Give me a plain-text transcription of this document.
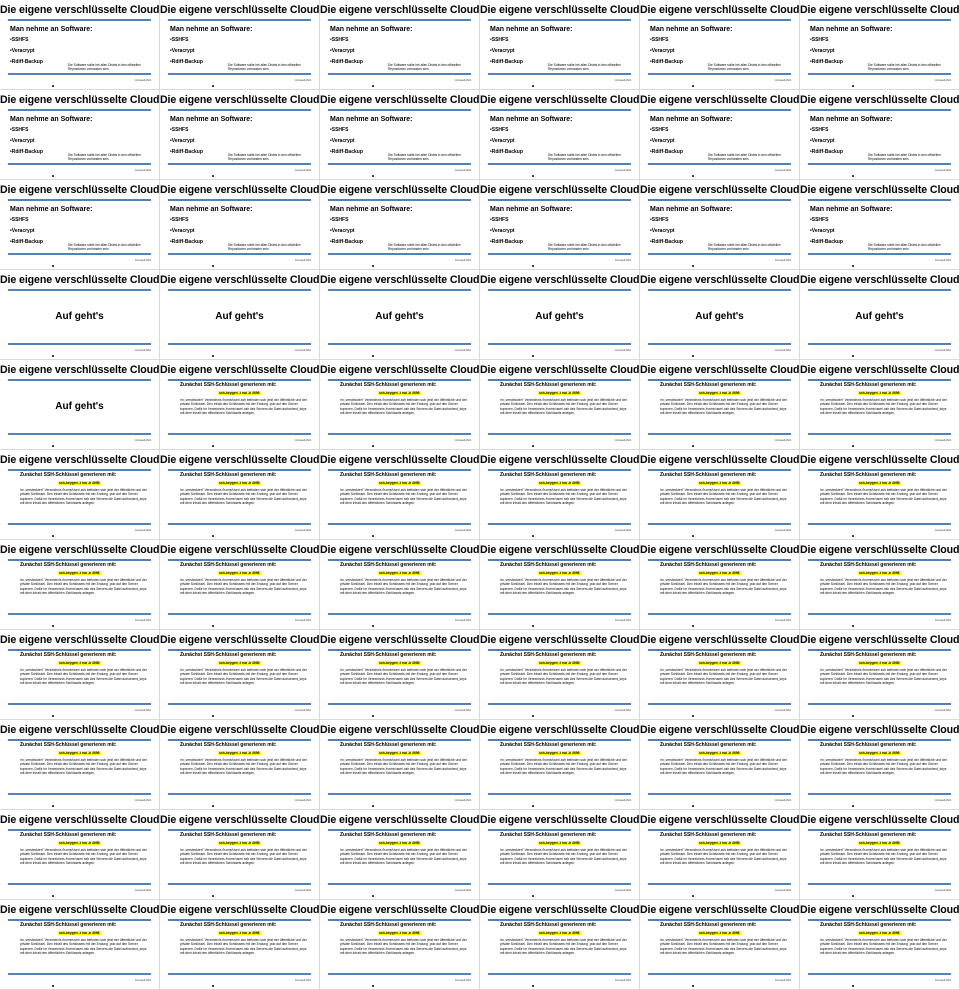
Die eigene verschlüsselte Cloud
Man nehme an Software:
• SSHFS
• Veracrypt
• Rdiff-Backup	Die Software sollte bei allen Distris in den offiziellen Repositorien vorhanden sein.
Linuxwelt 2021
Die eigene verschlüsselte Cloud
Man nehme an Software:
• SSHFS
• Veracrypt
• Rdiff-Backup	Die Software sollte bei allen Distris in den offiziellen Repositorien vorhanden sein.
Linuxwelt 2021
Die eigene verschlüsselte Cloud
Man nehme an Software:
• SSHFS
• Veracrypt
• Rdiff-Backup	Die Software sollte bei allen Distris in den offiziellen Repositorien vorhanden sein.
Linuxwelt 2021
Die eigene verschlüsselte Cloud
Man nehme an Software:
• SSHFS
• Veracrypt
• Rdiff-Backup	Die Software sollte bei allen Distris in den offiziellen Repositorien vorhanden sein.
Linuxwelt 2021
Die eigene verschlüsselte Cloud
Man nehme an Software:
• SSHFS
• Veracrypt
• Rdiff-Backup	Die Software sollte bei allen Distris in den offiziellen Repositorien vorhanden sein.
Linuxwelt 2021
Die eigene verschlüsselte Cloud
Man nehme an Software:
• SSHFS
• Veracrypt
• Rdiff-Backup	Die Software sollte bei allen Distris in den offiziellen Repositorien vorhanden sein.
Linuxwelt 2021
Die eigene verschlüsselte Cloud
Man nehme an Software:
• SSHFS
• Veracrypt
• Rdiff-Backup	Die Software sollte bei allen Distris in den offiziellen Repositorien vorhanden sein.
Linuxwelt 2021
Die eigene verschlüsselte Cloud
Man nehme an Software:
• SSHFS
• Veracrypt
• Rdiff-Backup	Die Software sollte bei allen Distris in den offiziellen Repositorien vorhanden sein.
Linuxwelt 2021
Die eigene verschlüsselte Cloud
Man nehme an Software:
• SSHFS
• Veracrypt
• Rdiff-Backup	Die Software sollte bei allen Distris in den offiziellen Repositorien vorhanden sein.
Linuxwelt 2021
Die eigene verschlüsselte Cloud
Man nehme an Software:
• SSHFS
• Veracrypt
• Rdiff-Backup	Die Software sollte bei allen Distris in den offiziellen Repositorien vorhanden sein.
Linuxwelt 2021
Die eigene verschlüsselte Cloud
Man nehme an Software:
• SSHFS
• Veracrypt
• Rdiff-Backup	Die Software sollte bei allen Distris in den offiziellen Repositorien vorhanden sein.
Linuxwelt 2021
Die eigene verschlüsselte Cloud
Man nehme an Software:
• SSHFS
• Veracrypt
• Rdiff-Backup	Die Software sollte bei allen Distris in den offiziellen Repositorien vorhanden sein.
Linuxwelt 2021
Die eigene verschlüsselte Cloud
Man nehme an Software:
• SSHFS
• Veracrypt
• Rdiff-Backup	Die Software sollte bei allen Distris in den offiziellen Repositorien vorhanden sein.
Linuxwelt 2021
Die eigene verschlüsselte Cloud
Man nehme an Software:
• SSHFS
• Veracrypt
• Rdiff-Backup	Die Software sollte bei allen Distris in den offiziellen Repositorien vorhanden sein.
Linuxwelt 2021
Die eigene verschlüsselte Cloud
Man nehme an Software:
• SSHFS
• Veracrypt
• Rdiff-Backup	Die Software sollte bei allen Distris in den offiziellen Repositorien vorhanden sein.
Linuxwelt 2021
Die eigene verschlüsselte Cloud
Man nehme an Software:
• SSHFS
• Veracrypt
• Rdiff-Backup	Die Software sollte bei allen Distris in den offiziellen Repositorien vorhanden sein.
Linuxwelt 2021
Die eigene verschlüsselte Cloud
Man nehme an Software:
• SSHFS
• Veracrypt
• Rdiff-Backup	Die Software sollte bei allen Distris in den offiziellen Repositorien vorhanden sein.
Linuxwelt 2021
Die eigene verschlüsselte Cloud
Man nehme an Software:
• SSHFS
• Veracrypt
• Rdiff-Backup	Die Software sollte bei allen Distris in den offiziellen Repositorien vorhanden sein.
Linuxwelt 2021
Die eigene verschlüsselte Cloud
Auf geht's
Linuxwelt 2021
Die eigene verschlüsselte Cloud
Auf geht's
Linuxwelt 2021
Die eigene verschlüsselte Cloud
Auf geht's
Linuxwelt 2021
Die eigene verschlüsselte Cloud
Auf geht's
Linuxwelt 2021
Die eigene verschlüsselte Cloud
Auf geht's
Linuxwelt 2021
Die eigene verschlüsselte Cloud
Auf geht's
Linuxwelt 2021
Die eigene verschlüsselte Cloud
Auf geht's
Linuxwelt 2021
Die eigene verschlüsselte Cloud
Zunächst SSH-Schlüssel generieren mit:
ssh-keygen -t rsa -b 4096
Im „versteckten" Verzeichnis /home/user/.ssh befinden sich jetzt der öffentliche und der private Schlüssel. Den Inhalt des Schlüssels mit der Endung .pub auf den Server kopieren. Dafür im Verzeichnis /home/user/.ssh des Servers die Datei authorized_keys mit dem Inhalt des öffentlichen Schlüssels anlegen.
Linuxwelt 2021
Die eigene verschlüsselte Cloud
Zunächst SSH-Schlüssel generieren mit:
ssh-keygen -t rsa -b 4096
Im „versteckten" Verzeichnis /home/user/.ssh befinden sich jetzt der öffentliche und der private Schlüssel. Den Inhalt des Schlüssels mit der Endung .pub auf den Server kopieren. Dafür im Verzeichnis /home/user/.ssh des Servers die Datei authorized_keys mit dem Inhalt des öffentlichen Schlüssels anlegen.
Linuxwelt 2021
Die eigene verschlüsselte Cloud
Zunächst SSH-Schlüssel generieren mit:
ssh-keygen -t rsa -b 4096
Im „versteckten" Verzeichnis /home/user/.ssh befinden sich jetzt der öffentliche und der private Schlüssel. Den Inhalt des Schlüssels mit der Endung .pub auf den Server kopieren. Dafür im Verzeichnis /home/user/.ssh des Servers die Datei authorized_keys mit dem Inhalt des öffentlichen Schlüssels anlegen.
Linuxwelt 2021
Die eigene verschlüsselte Cloud
Zunächst SSH-Schlüssel generieren mit:
ssh-keygen -t rsa -b 4096
Im „versteckten" Verzeichnis /home/user/.ssh befinden sich jetzt der öffentliche und der private Schlüssel. Den Inhalt des Schlüssels mit der Endung .pub auf den Server kopieren. Dafür im Verzeichnis /home/user/.ssh des Servers die Datei authorized_keys mit dem Inhalt des öffentlichen Schlüssels anlegen.
Linuxwelt 2021
Die eigene verschlüsselte Cloud
Zunächst SSH-Schlüssel generieren mit:
ssh-keygen -t rsa -b 4096
Im „versteckten" Verzeichnis /home/user/.ssh befinden sich jetzt der öffentliche und der private Schlüssel. Den Inhalt des Schlüssels mit der Endung .pub auf den Server kopieren. Dafür im Verzeichnis /home/user/.ssh des Servers die Datei authorized_keys mit dem Inhalt des öffentlichen Schlüssels anlegen.
Linuxwelt 2021
Die eigene verschlüsselte Cloud
Zunächst SSH-Schlüssel generieren mit:
ssh-keygen -t rsa -b 4096
Im „versteckten" Verzeichnis /home/user/.ssh befinden sich jetzt der öffentliche und der private Schlüssel. Den Inhalt des Schlüssels mit der Endung .pub auf den Server kopieren. Dafür im Verzeichnis /home/user/.ssh des Servers die Datei authorized_keys mit dem Inhalt des öffentlichen Schlüssels anlegen.
Linuxwelt 2021
Die eigene verschlüsselte Cloud
Zunächst SSH-Schlüssel generieren mit:
ssh-keygen -t rsa -b 4096
Im „versteckten" Verzeichnis /home/user/.ssh befinden sich jetzt der öffentliche und der private Schlüssel. Den Inhalt des Schlüssels mit der Endung .pub auf den Server kopieren. Dafür im Verzeichnis /home/user/.ssh des Servers die Datei authorized_keys mit dem Inhalt des öffentlichen Schlüssels anlegen.
Linuxwelt 2021
Die eigene verschlüsselte Cloud
Zunächst SSH-Schlüssel generieren mit:
ssh-keygen -t rsa -b 4096
Im „versteckten" Verzeichnis /home/user/.ssh befinden sich jetzt der öffentliche und der private Schlüssel. Den Inhalt des Schlüssels mit der Endung .pub auf den Server kopieren. Dafür im Verzeichnis /home/user/.ssh des Servers die Datei authorized_keys mit dem Inhalt des öffentlichen Schlüssels anlegen.
Linuxwelt 2021
Die eigene verschlüsselte Cloud
Zunächst SSH-Schlüssel generieren mit:
ssh-keygen -t rsa -b 4096
Im „versteckten" Verzeichnis /home/user/.ssh befinden sich jetzt der öffentliche und der private Schlüssel. Den Inhalt des Schlüssels mit der Endung .pub auf den Server kopieren. Dafür im Verzeichnis /home/user/.ssh des Servers die Datei authorized_keys mit dem Inhalt des öffentlichen Schlüssels anlegen.
Linuxwelt 2021
Die eigene verschlüsselte Cloud
Zunächst SSH-Schlüssel generieren mit:
ssh-keygen -t rsa -b 4096
Im „versteckten" Verzeichnis /home/user/.ssh befinden sich jetzt der öffentliche und der private Schlüssel. Den Inhalt des Schlüssels mit der Endung .pub auf den Server kopieren. Dafür im Verzeichnis /home/user/.ssh des Servers die Datei authorized_keys mit dem Inhalt des öffentlichen Schlüssels anlegen.
Linuxwelt 2021
Die eigene verschlüsselte Cloud
Zunächst SSH-Schlüssel generieren mit:
ssh-keygen -t rsa -b 4096
Im „versteckten" Verzeichnis /home/user/.ssh befinden sich jetzt der öffentliche und der private Schlüssel. Den Inhalt des Schlüssels mit der Endung .pub auf den Server kopieren. Dafür im Verzeichnis /home/user/.ssh des Servers die Datei authorized_keys mit dem Inhalt des öffentlichen Schlüssels anlegen.
Linuxwelt 2021
Die eigene verschlüsselte Cloud
Zunächst SSH-Schlüssel generieren mit:
ssh-keygen -t rsa -b 4096
Im „versteckten" Verzeichnis /home/user/.ssh befinden sich jetzt der öffentliche und der private Schlüssel. Den Inhalt des Schlüssels mit der Endung .pub auf den Server kopieren. Dafür im Verzeichnis /home/user/.ssh des Servers die Datei authorized_keys mit dem Inhalt des öffentlichen Schlüssels anlegen.
Linuxwelt 2021
Die eigene verschlüsselte Cloud
Zunächst SSH-Schlüssel generieren mit:
ssh-keygen -t rsa -b 4096
Im „versteckten" Verzeichnis /home/user/.ssh befinden sich jetzt der öffentliche und der private Schlüssel. Den Inhalt des Schlüssels mit der Endung .pub auf den Server kopieren. Dafür im Verzeichnis /home/user/.ssh des Servers die Datei authorized_keys mit dem Inhalt des öffentlichen Schlüssels anlegen.
Linuxwelt 2021
Die eigene verschlüsselte Cloud
Zunächst SSH-Schlüssel generieren mit:
ssh-keygen -t rsa -b 4096
Im „versteckten" Verzeichnis /home/user/.ssh befinden sich jetzt der öffentliche und der private Schlüssel. Den Inhalt des Schlüssels mit der Endung .pub auf den Server kopieren. Dafür im Verzeichnis /home/user/.ssh des Servers die Datei authorized_keys mit dem Inhalt des öffentlichen Schlüssels anlegen.
Linuxwelt 2021
Die eigene verschlüsselte Cloud
Zunächst SSH-Schlüssel generieren mit:
ssh-keygen -t rsa -b 4096
Im „versteckten" Verzeichnis /home/user/.ssh befinden sich jetzt der öffentliche und der private Schlüssel. Den Inhalt des Schlüssels mit der Endung .pub auf den Server kopieren. Dafür im Verzeichnis /home/user/.ssh des Servers die Datei authorized_keys mit dem Inhalt des öffentlichen Schlüssels anlegen.
Linuxwelt 2021
Die eigene verschlüsselte Cloud
Zunächst SSH-Schlüssel generieren mit:
ssh-keygen -t rsa -b 4096
Im „versteckten" Verzeichnis /home/user/.ssh befinden sich jetzt der öffentliche und der private Schlüssel. Den Inhalt des Schlüssels mit der Endung .pub auf den Server kopieren. Dafür im Verzeichnis /home/user/.ssh des Servers die Datei authorized_keys mit dem Inhalt des öffentlichen Schlüssels anlegen.
Linuxwelt 2021
Die eigene verschlüsselte Cloud
Zunächst SSH-Schlüssel generieren mit:
ssh-keygen -t rsa -b 4096
Im „versteckten" Verzeichnis /home/user/.ssh befinden sich jetzt der öffentliche und der private Schlüssel. Den Inhalt des Schlüssels mit der Endung .pub auf den Server kopieren. Dafür im Verzeichnis /home/user/.ssh des Servers die Datei authorized_keys mit dem Inhalt des öffentlichen Schlüssels anlegen.
Linuxwelt 2021
Die eigene verschlüsselte Cloud
Zunächst SSH-Schlüssel generieren mit:
ssh-keygen -t rsa -b 4096
Im „versteckten" Verzeichnis /home/user/.ssh befinden sich jetzt der öffentliche und der private Schlüssel. Den Inhalt des Schlüssels mit der Endung .pub auf den Server kopieren. Dafür im Verzeichnis /home/user/.ssh des Servers die Datei authorized_keys mit dem Inhalt des öffentlichen Schlüssels anlegen.
Linuxwelt 2021
Die eigene verschlüsselte Cloud
Zunächst SSH-Schlüssel generieren mit:
ssh-keygen -t rsa -b 4096
Im „versteckten" Verzeichnis /home/user/.ssh befinden sich jetzt der öffentliche und der private Schlüssel. Den Inhalt des Schlüssels mit der Endung .pub auf den Server kopieren. Dafür im Verzeichnis /home/user/.ssh des Servers die Datei authorized_keys mit dem Inhalt des öffentlichen Schlüssels anlegen.
Linuxwelt 2021
Die eigene verschlüsselte Cloud
Zunächst SSH-Schlüssel generieren mit:
ssh-keygen -t rsa -b 4096
Im „versteckten" Verzeichnis /home/user/.ssh befinden sich jetzt der öffentliche und der private Schlüssel. Den Inhalt des Schlüssels mit der Endung .pub auf den Server kopieren. Dafür im Verzeichnis /home/user/.ssh des Servers die Datei authorized_keys mit dem Inhalt des öffentlichen Schlüssels anlegen.
Linuxwelt 2021
Die eigene verschlüsselte Cloud
Zunächst SSH-Schlüssel generieren mit:
ssh-keygen -t rsa -b 4096
Im „versteckten" Verzeichnis /home/user/.ssh befinden sich jetzt der öffentliche und der private Schlüssel. Den Inhalt des Schlüssels mit der Endung .pub auf den Server kopieren. Dafür im Verzeichnis /home/user/.ssh des Servers die Datei authorized_keys mit dem Inhalt des öffentlichen Schlüssels anlegen.
Linuxwelt 2021
Die eigene verschlüsselte Cloud
Zunächst SSH-Schlüssel generieren mit:
ssh-keygen -t rsa -b 4096
Im „versteckten" Verzeichnis /home/user/.ssh befinden sich jetzt der öffentliche und der private Schlüssel. Den Inhalt des Schlüssels mit der Endung .pub auf den Server kopieren. Dafür im Verzeichnis /home/user/.ssh des Servers die Datei authorized_keys mit dem Inhalt des öffentlichen Schlüssels anlegen.
Linuxwelt 2021
Die eigene verschlüsselte Cloud
Zunächst SSH-Schlüssel generieren mit:
ssh-keygen -t rsa -b 4096
Im „versteckten" Verzeichnis /home/user/.ssh befinden sich jetzt der öffentliche und der private Schlüssel. Den Inhalt des Schlüssels mit der Endung .pub auf den Server kopieren. Dafür im Verzeichnis /home/user/.ssh des Servers die Datei authorized_keys mit dem Inhalt des öffentlichen Schlüssels anlegen.
Linuxwelt 2021
Die eigene verschlüsselte Cloud
Zunächst SSH-Schlüssel generieren mit:
ssh-keygen -t rsa -b 4096
Im „versteckten" Verzeichnis /home/user/.ssh befinden sich jetzt der öffentliche und der private Schlüssel. Den Inhalt des Schlüssels mit der Endung .pub auf den Server kopieren. Dafür im Verzeichnis /home/user/.ssh des Servers die Datei authorized_keys mit dem Inhalt des öffentlichen Schlüssels anlegen.
Linuxwelt 2021
Die eigene verschlüsselte Cloud
Zunächst SSH-Schlüssel generieren mit:
ssh-keygen -t rsa -b 4096
Im „versteckten" Verzeichnis /home/user/.ssh befinden sich jetzt der öffentliche und der private Schlüssel. Den Inhalt des Schlüssels mit der Endung .pub auf den Server kopieren. Dafür im Verzeichnis /home/user/.ssh des Servers die Datei authorized_keys mit dem Inhalt des öffentlichen Schlüssels anlegen.
Linuxwelt 2021
Die eigene verschlüsselte Cloud
Zunächst SSH-Schlüssel generieren mit:
ssh-keygen -t rsa -b 4096
Im „versteckten" Verzeichnis /home/user/.ssh befinden sich jetzt der öffentliche und der private Schlüssel. Den Inhalt des Schlüssels mit der Endung .pub auf den Server kopieren. Dafür im Verzeichnis /home/user/.ssh des Servers die Datei authorized_keys mit dem Inhalt des öffentlichen Schlüssels anlegen.
Linuxwelt 2021
Die eigene verschlüsselte Cloud
Zunächst SSH-Schlüssel generieren mit:
ssh-keygen -t rsa -b 4096
Im „versteckten" Verzeichnis /home/user/.ssh befinden sich jetzt der öffentliche und der private Schlüssel. Den Inhalt des Schlüssels mit der Endung .pub auf den Server kopieren. Dafür im Verzeichnis /home/user/.ssh des Servers die Datei authorized_keys mit dem Inhalt des öffentlichen Schlüssels anlegen.
Linuxwelt 2021
Die eigene verschlüsselte Cloud
Zunächst SSH-Schlüssel generieren mit:
ssh-keygen -t rsa -b 4096
Im „versteckten" Verzeichnis /home/user/.ssh befinden sich jetzt der öffentliche und der private Schlüssel. Den Inhalt des Schlüssels mit der Endung .pub auf den Server kopieren. Dafür im Verzeichnis /home/user/.ssh des Servers die Datei authorized_keys mit dem Inhalt des öffentlichen Schlüssels anlegen.
Linuxwelt 2021
Die eigene verschlüsselte Cloud
Zunächst SSH-Schlüssel generieren mit:
ssh-keygen -t rsa -b 4096
Im „versteckten" Verzeichnis /home/user/.ssh befinden sich jetzt der öffentliche und der private Schlüssel. Den Inhalt des Schlüssels mit der Endung .pub auf den Server kopieren. Dafür im Verzeichnis /home/user/.ssh des Servers die Datei authorized_keys mit dem Inhalt des öffentlichen Schlüssels anlegen.
Linuxwelt 2021
Die eigene verschlüsselte Cloud
Zunächst SSH-Schlüssel generieren mit:
ssh-keygen -t rsa -b 4096
Im „versteckten" Verzeichnis /home/user/.ssh befinden sich jetzt der öffentliche und der private Schlüssel. Den Inhalt des Schlüssels mit der Endung .pub auf den Server kopieren. Dafür im Verzeichnis /home/user/.ssh des Servers die Datei authorized_keys mit dem Inhalt des öffentlichen Schlüssels anlegen.
Linuxwelt 2021
Die eigene verschlüsselte Cloud
Zunächst SSH-Schlüssel generieren mit:
ssh-keygen -t rsa -b 4096
Im „versteckten" Verzeichnis /home/user/.ssh befinden sich jetzt der öffentliche und der private Schlüssel. Den Inhalt des Schlüssels mit der Endung .pub auf den Server kopieren. Dafür im Verzeichnis /home/user/.ssh des Servers die Datei authorized_keys mit dem Inhalt des öffentlichen Schlüssels anlegen.
Linuxwelt 2021
Die eigene verschlüsselte Cloud
Zunächst SSH-Schlüssel generieren mit:
ssh-keygen -t rsa -b 4096
Im „versteckten" Verzeichnis /home/user/.ssh befinden sich jetzt der öffentliche und der private Schlüssel. Den Inhalt des Schlüssels mit der Endung .pub auf den Server kopieren. Dafür im Verzeichnis /home/user/.ssh des Servers die Datei authorized_keys mit dem Inhalt des öffentlichen Schlüssels anlegen.
Linuxwelt 2021
Die eigene verschlüsselte Cloud
Zunächst SSH-Schlüssel generieren mit:
ssh-keygen -t rsa -b 4096
Im „versteckten" Verzeichnis /home/user/.ssh befinden sich jetzt der öffentliche und der private Schlüssel. Den Inhalt des Schlüssels mit der Endung .pub auf den Server kopieren. Dafür im Verzeichnis /home/user/.ssh des Servers die Datei authorized_keys mit dem Inhalt des öffentlichen Schlüssels anlegen.
Linuxwelt 2021
Die eigene verschlüsselte Cloud
Zunächst SSH-Schlüssel generieren mit:
ssh-keygen -t rsa -b 4096
Im „versteckten" Verzeichnis /home/user/.ssh befinden sich jetzt der öffentliche und der private Schlüssel. Den Inhalt des Schlüssels mit der Endung .pub auf den Server kopieren. Dafür im Verzeichnis /home/user/.ssh des Servers die Datei authorized_keys mit dem Inhalt des öffentlichen Schlüssels anlegen.
Linuxwelt 2021
Die eigene verschlüsselte Cloud
Zunächst SSH-Schlüssel generieren mit:
ssh-keygen -t rsa -b 4096
Im „versteckten" Verzeichnis /home/user/.ssh befinden sich jetzt der öffentliche und der private Schlüssel. Den Inhalt des Schlüssels mit der Endung .pub auf den Server kopieren. Dafür im Verzeichnis /home/user/.ssh des Servers die Datei authorized_keys mit dem Inhalt des öffentlichen Schlüssels anlegen.
Linuxwelt 2021
Die eigene verschlüsselte Cloud
Zunächst SSH-Schlüssel generieren mit:
ssh-keygen -t rsa -b 4096
Im „versteckten" Verzeichnis /home/user/.ssh befinden sich jetzt der öffentliche und der private Schlüssel. Den Inhalt des Schlüssels mit der Endung .pub auf den Server kopieren. Dafür im Verzeichnis /home/user/.ssh des Servers die Datei authorized_keys mit dem Inhalt des öffentlichen Schlüssels anlegen.
Linuxwelt 2021
Die eigene verschlüsselte Cloud
Zunächst SSH-Schlüssel generieren mit:
ssh-keygen -t rsa -b 4096
Im „versteckten" Verzeichnis /home/user/.ssh befinden sich jetzt der öffentliche und der private Schlüssel. Den Inhalt des Schlüssels mit der Endung .pub auf den Server kopieren. Dafür im Verzeichnis /home/user/.ssh des Servers die Datei authorized_keys mit dem Inhalt des öffentlichen Schlüssels anlegen.
Linuxwelt 2021
Die eigene verschlüsselte Cloud
Zunächst SSH-Schlüssel generieren mit:
ssh-keygen -t rsa -b 4096
Im „versteckten" Verzeichnis /home/user/.ssh befinden sich jetzt der öffentliche und der private Schlüssel. Den Inhalt des Schlüssels mit der Endung .pub auf den Server kopieren. Dafür im Verzeichnis /home/user/.ssh des Servers die Datei authorized_keys mit dem Inhalt des öffentlichen Schlüssels anlegen.
Linuxwelt 2021
Die eigene verschlüsselte Cloud
Zunächst SSH-Schlüssel generieren mit:
ssh-keygen -t rsa -b 4096
Im „versteckten" Verzeichnis /home/user/.ssh befinden sich jetzt der öffentliche und der private Schlüssel. Den Inhalt des Schlüssels mit der Endung .pub auf den Server kopieren. Dafür im Verzeichnis /home/user/.ssh des Servers die Datei authorized_keys mit dem Inhalt des öffentlichen Schlüssels anlegen.
Linuxwelt 2021
Die eigene verschlüsselte Cloud
Zunächst SSH-Schlüssel generieren mit:
ssh-keygen -t rsa -b 4096
Im „versteckten" Verzeichnis /home/user/.ssh befinden sich jetzt der öffentliche und der private Schlüssel. Den Inhalt des Schlüssels mit der Endung .pub auf den Server kopieren. Dafür im Verzeichnis /home/user/.ssh des Servers die Datei authorized_keys mit dem Inhalt des öffentlichen Schlüssels anlegen.
Linuxwelt 2021
Die eigene verschlüsselte Cloud
Zunächst SSH-Schlüssel generieren mit:
ssh-keygen -t rsa -b 4096
Im „versteckten" Verzeichnis /home/user/.ssh befinden sich jetzt der öffentliche und der private Schlüssel. Den Inhalt des Schlüssels mit der Endung .pub auf den Server kopieren. Dafür im Verzeichnis /home/user/.ssh des Servers die Datei authorized_keys mit dem Inhalt des öffentlichen Schlüssels anlegen.
Linuxwelt 2021
